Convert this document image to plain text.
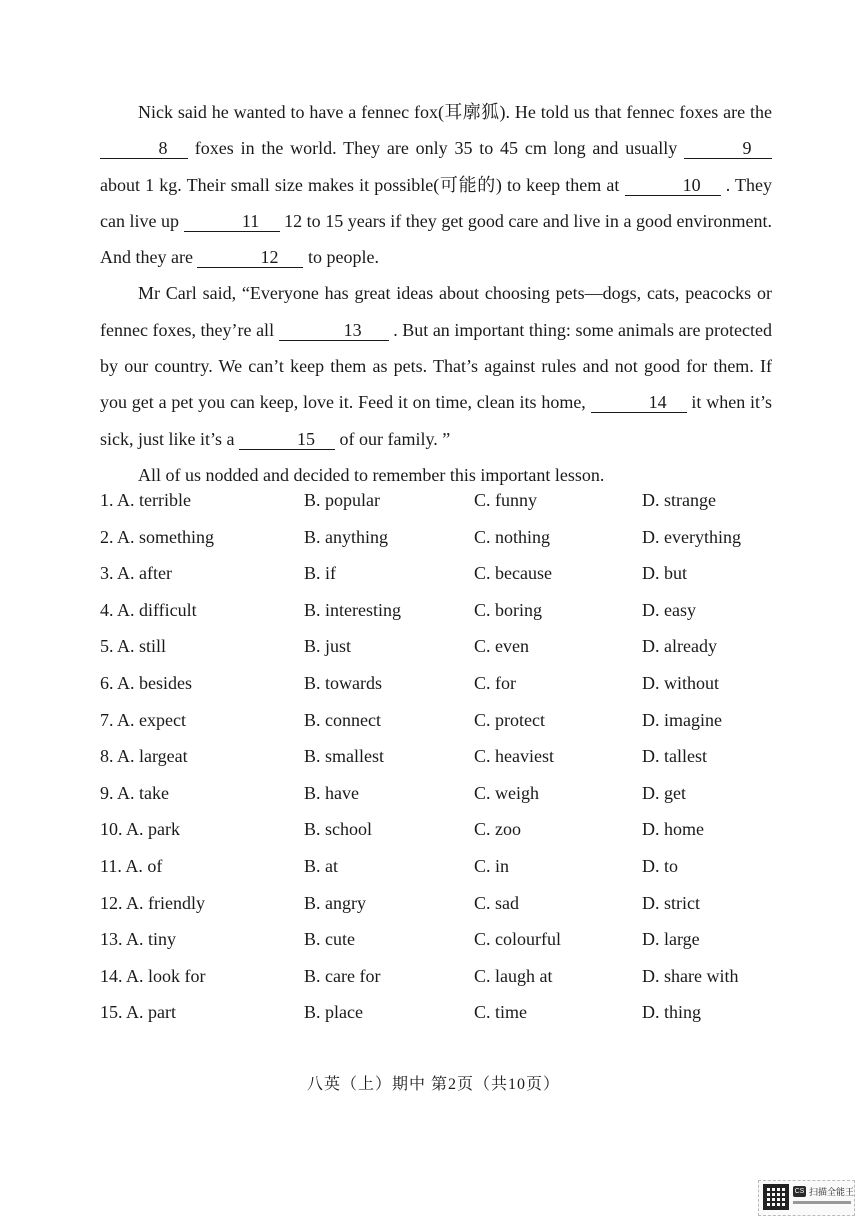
Nick said he wanted to have a fennec fox(耳廓狐). He told us that fennec foxes are the 8 foxes in the world. They are only 35 to 45 cm long and usually	9 about 1 kg. Their small size makes it possible(可能的) to keep them at	10 . They can live up	11 12 to 15 years if they get good care and live in a good environment. And they are	12 to people.

Mr Carl said, “Everyone has great ideas about choosing pets—dogs, cats, peacocks or fennec foxes, they’re all	13 . But an important thing: some animals are protected by our country. We can’t keep them as pets. That’s against rules and not good for them. If you get a pet you can keep, love it. Feed it on time, clean its home,	14 it when it’s sick, just like it’s a	15 of our family. ”

All of us nodded and decided to remember this important lesson.

1. A. terrible	B. popular	C. funny	D. strange
2. A. something	B. anything	C. nothing	D. everything
3. A. after	B. if	C. because	D. but
4. A. difficult	B. interesting	C. boring	D. easy
5. A. still	B. just	C. even	D. already
6. A. besides	B. towards	C. for	D. without
7. A. expect	B. connect	C. protect	D. imagine
8. A. largeat	B. smallest	C. heaviest	D. tallest
9. A. take	B. have	C. weigh	D. get
10. A. park	B. school	C. zoo	D. home
11. A. of	B. at	C. in	D. to
12. A. friendly	B. angry	C. sad	D. strict
13. A. tiny	B. cute	C. colourful	D. large
14. A. look for	B. care for	C. laugh at	D. share with
15. A. part	B. place	C. time	D. thing
八英（上）期中 第2页（共10页）
CS 扫描全能王
